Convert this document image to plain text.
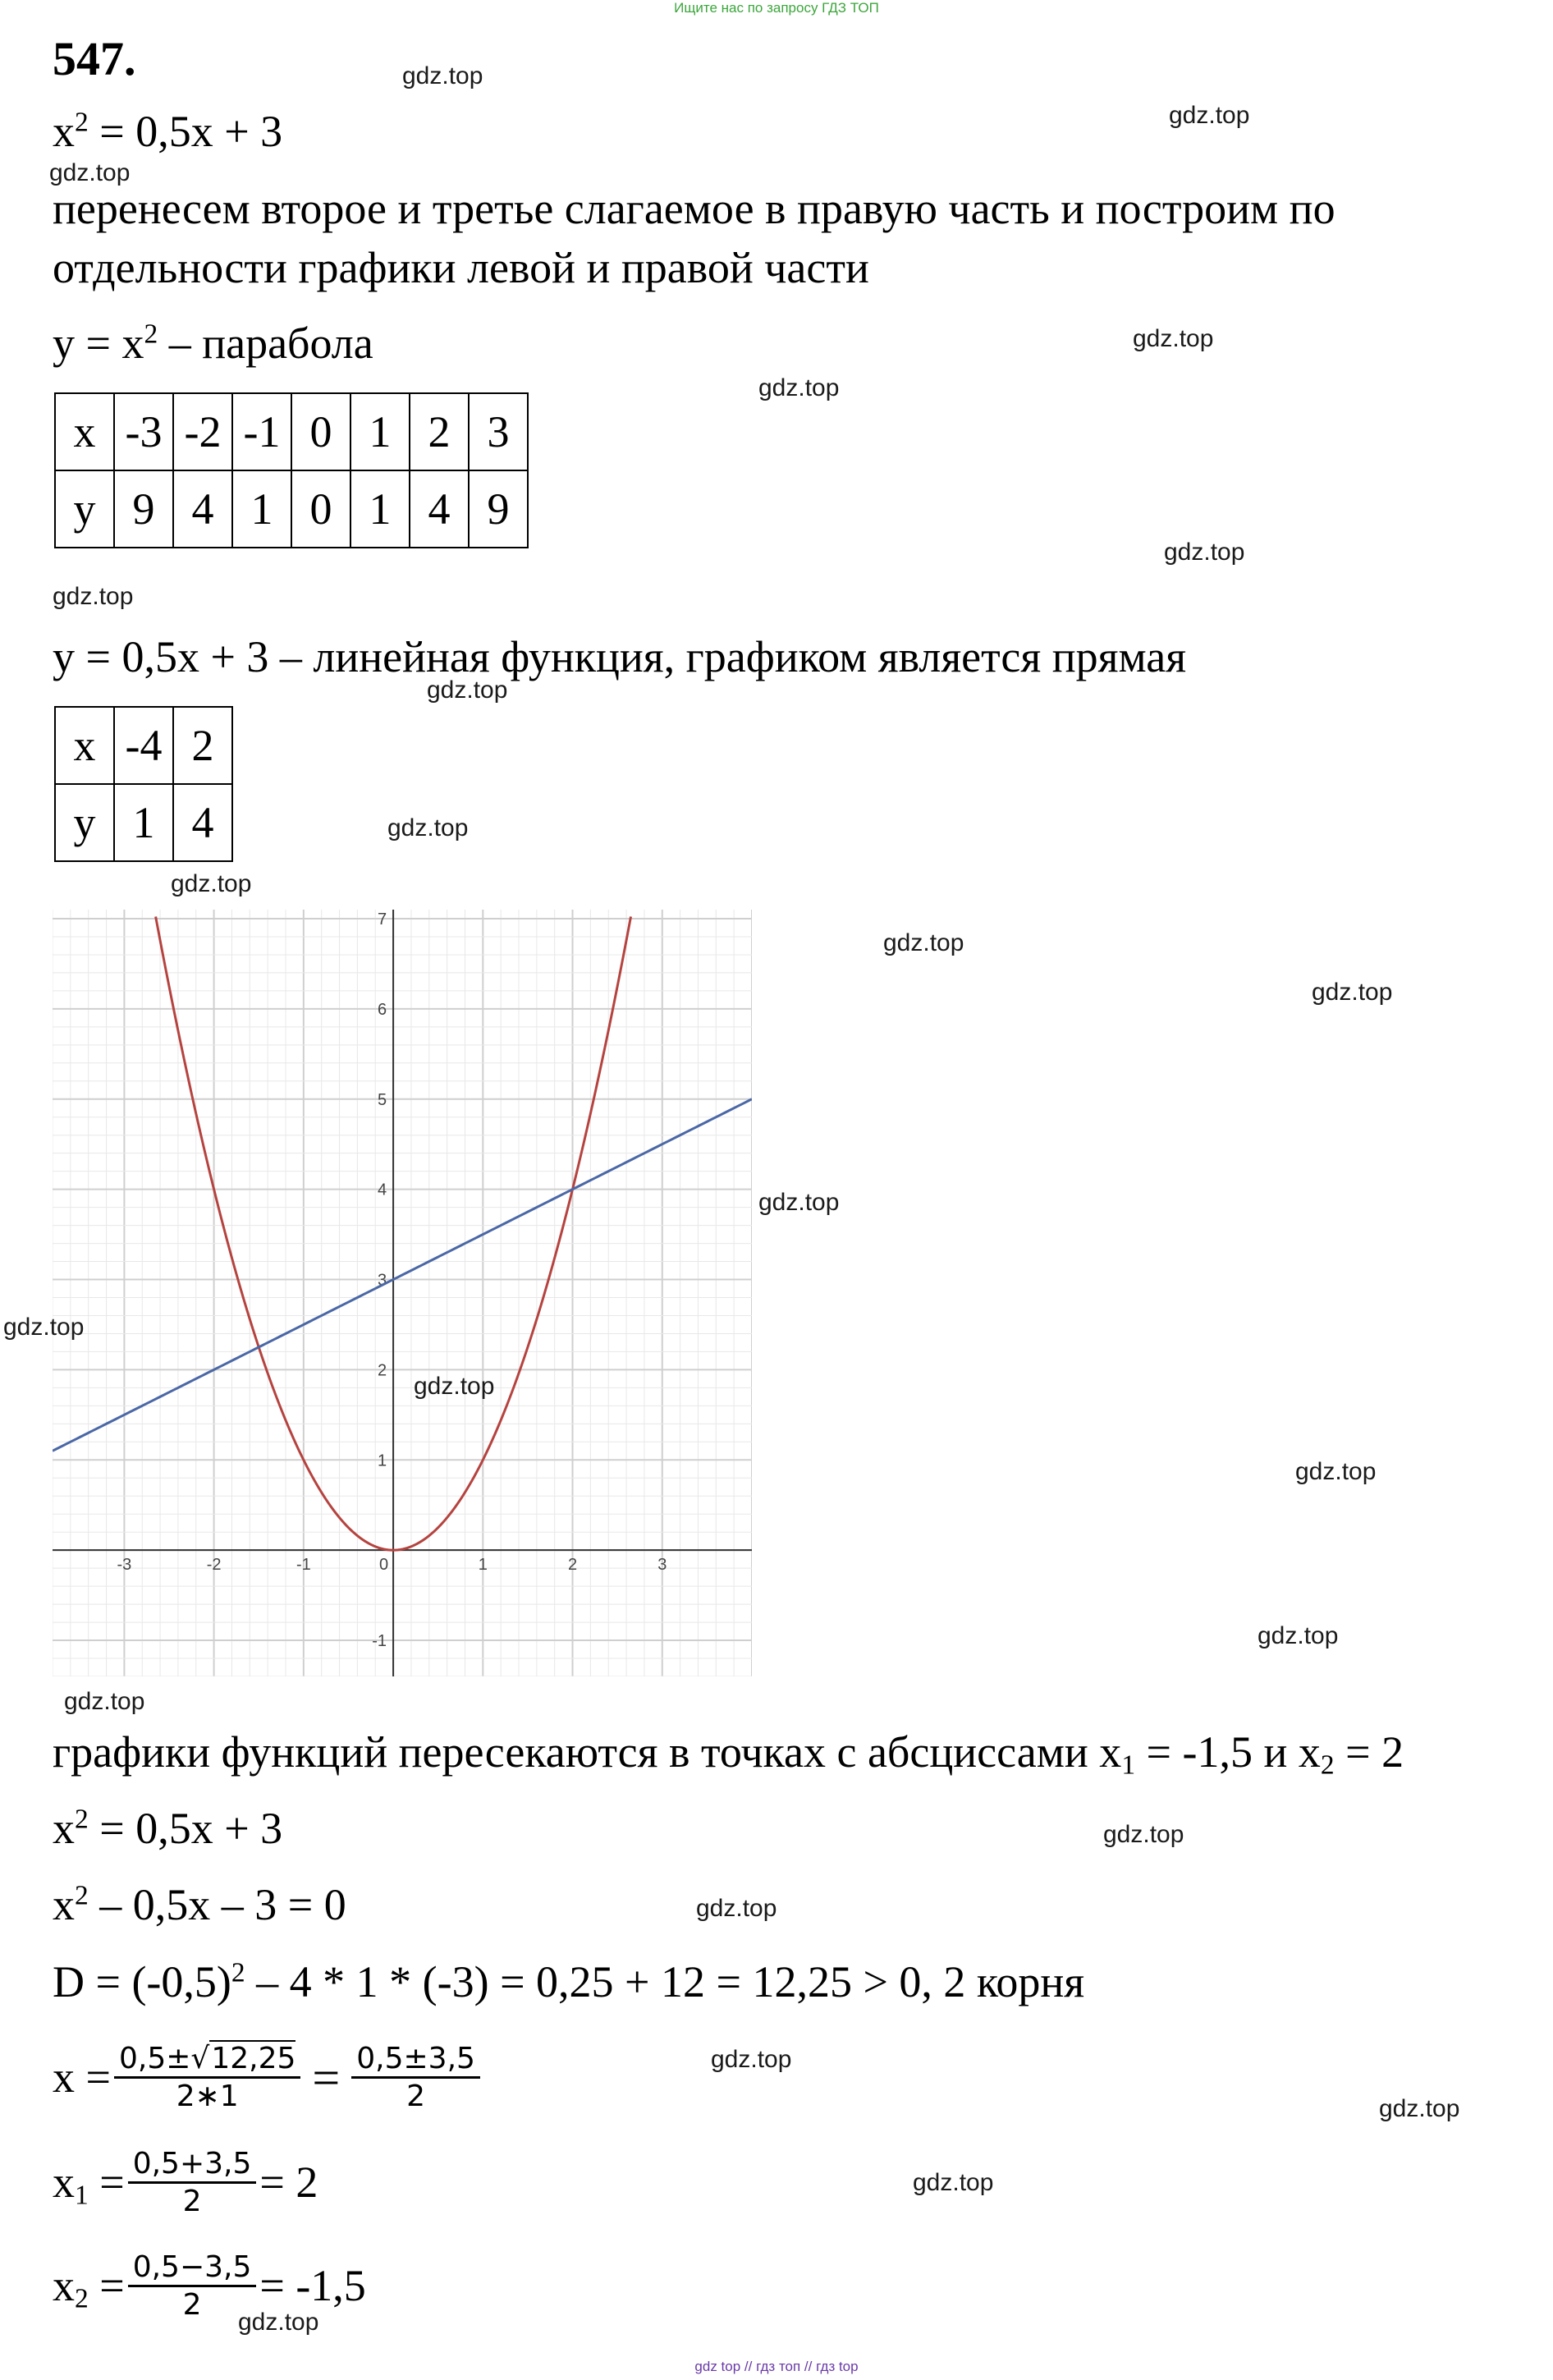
Ищите нас по запросу ГДЗ ТОП
547.
$x^2 = 0,5x + 3$
перенесем второе и третье слагаемое в правую часть и построим по
отдельности графики левой и правой части
$y = x^2$ – парабола
x	-3	-2	-1	0	1	2	3
y	9	4	1	0	1	4	9
y = 0,5x + 3 – линейная функция, графиком является прямая
x	-4	2
y	1	4
-3	-2	-1	0	1	2	3
-1
1
2
3
4
5
6
7
графики функций пересекаются в точках с абсциссами $x_1 = -1,5$ и $x_2 = 2$
$x^2 = 0,5x + 3$
$x^2 - 0,5x - 3 = 0$
$D = (-0,5)^2 - 4 * 1 * (-3) = 0,25 + 12 = 12,25 > 0$, 2 корня
$x = \frac{0,5\pm√12,25}{2∗1} = \frac{0,5\pm 3,5}{2}$
$x_1 = \frac{0,5+3,5}{2} = 2$
$x_2 = \frac{0,5-3,5}{2} = -1,5$
gdz.top
gdz.top
gdz.top
gdz.top
gdz.top
gdz.top
gdz.top
gdz.top
gdz.top
gdz.top
gdz.top
gdz.top
gdz.top
gdz.top
gdz.top
gdz.top
gdz.top
gdz.top
gdz.top
gdz.top
gdz.top
gdz.top
gdz.top
gdz.top
gdz top // гдз топ // гдз top
